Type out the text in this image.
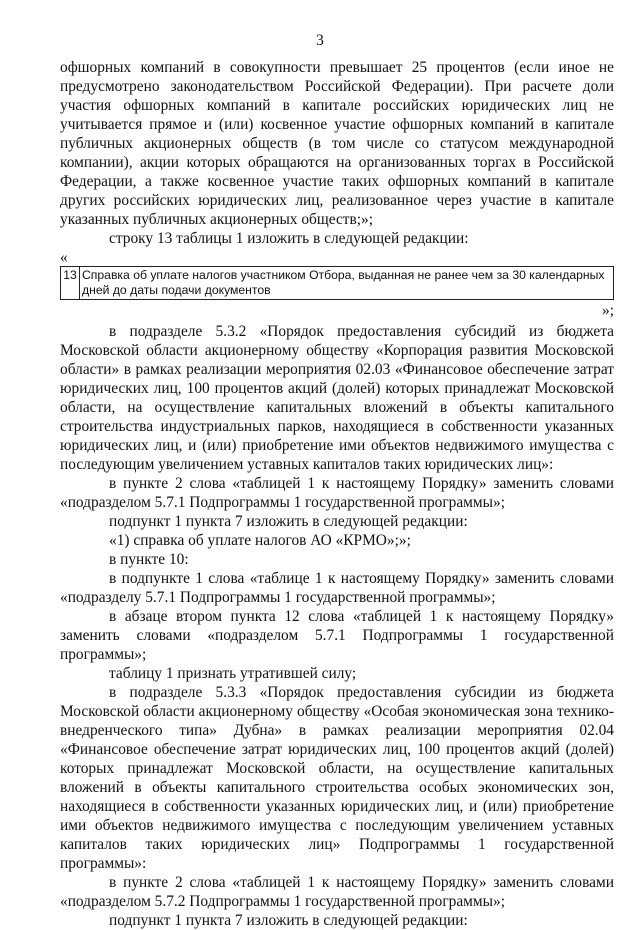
3

офшорных компаний в совокупности превышает 25 процентов (если иное не предусмотрено законодательством Российской Федерации). При расчете доли участия офшорных компаний в капитале российских юридических лиц не учитывается прямое и (или) косвенное участие офшорных компаний в капитале публичных акционерных обществ (в том числе со статусом международной компании), акции которых обращаются на организованных торгах в Российской Федерации, а также косвенное участие таких офшорных компаний в капитале других российских юридических лиц, реализованное через участие в капитале указанных публичных акционерных обществ;»;

строку 13 таблицы 1 изложить в следующей редакции:

«
13	Справка об уплате налогов участником Отбора, выданная не ранее чем за 30 календарных дней до даты подачи документов
»;

в подразделе 5.3.2 «Порядок предоставления субсидий из бюджета Московской области акционерному обществу «Корпорация развития Московской области» в рамках реализации мероприятия 02.03 «Финансовое обеспечение затрат юридических лиц, 100 процентов акций (долей) которых принадлежат Московской области, на осуществление капитальных вложений в объекты капитального строительства индустриальных парков, находящиеся в собственности указанных юридических лиц, и (или) приобретение ими объектов недвижимого имущества с последующим увеличением уставных капиталов таких юридических лиц»:

в пункте 2 слова «таблицей 1 к настоящему Порядку» заменить словами «подразделом 5.7.1 Подпрограммы 1 государственной программы»;

подпункт 1 пункта 7 изложить в следующей редакции:

«1) справка об уплате налогов АО «КРМО»;»;

в пункте 10:

в подпункте 1 слова «таблице 1 к настоящему Порядку» заменить словами «подразделу 5.7.1 Подпрограммы 1 государственной программы»;

в абзаце втором пункта 12 слова «таблицей 1 к настоящему Порядку» заменить словами «подразделом 5.7.1 Подпрограммы 1 государственной программы»;

таблицу 1 признать утратившей силу;

в подразделе 5.3.3 «Порядок предоставления субсидии из бюджета Московской области акционерному обществу «Особая экономическая зона технико-внедренческого типа» Дубна» в рамках реализации мероприятия 02.04 «Финансовое обеспечение затрат юридических лиц, 100 процентов акций (долей) которых принадлежат Московской области, на осуществление капитальных вложений в объекты капитального строительства особых экономических зон, находящиеся в собственности указанных юридических лиц, и (или) приобретение ими объектов недвижимого имущества с последующим увеличением уставных капиталов таких юридических лиц» Подпрограммы 1 государственной программы»:

в пункте 2 слова «таблицей 1 к настоящему Порядку» заменить словами «подразделом 5.7.2 Подпрограммы 1 государственной программы»;

подпункт 1 пункта 7 изложить в следующей редакции:
